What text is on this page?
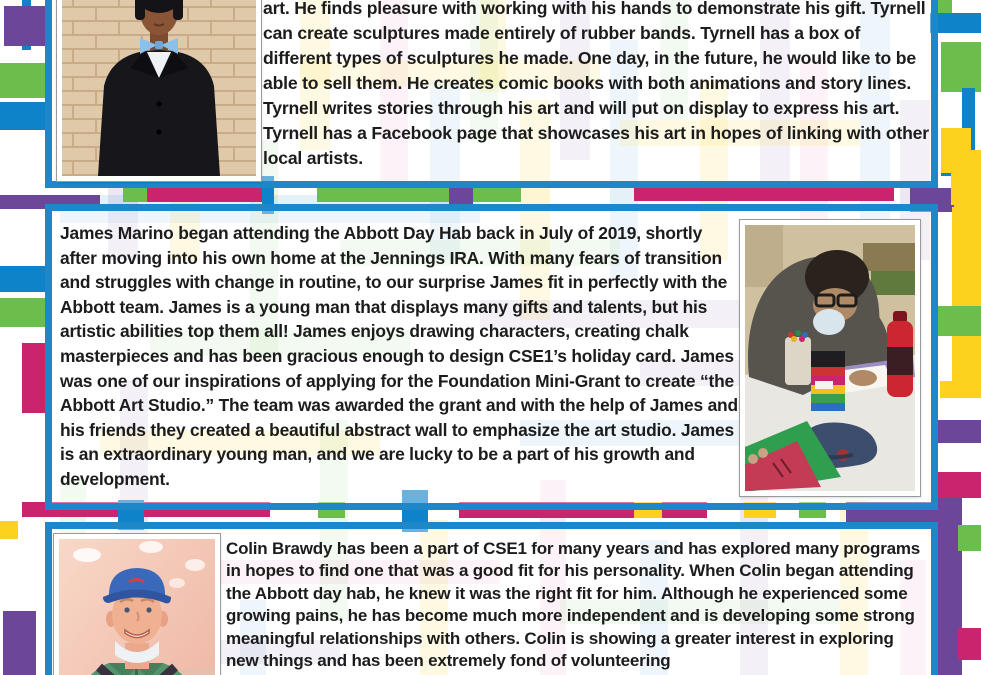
art. He finds pleasure with working with his hands to demonstrate his gift. Tyrnell can create sculptures made entirely of rubber bands. Tyrnell has a box of different types of sculptures he made. One day, in the future, he would like to be able to sell them. He creates comic books with both animations and story lines. Tyrnell writes stories through his art and will put on display to express his art. Tyrnell has a Facebook page that showcases his art in hopes of linking with other local artists.

James Marino began attending the Abbott Day Hab back in July of 2019, shortly after moving into his own home at the Jennings IRA. With many fears of transition and struggles with change in routine, to our surprise James fit in perfectly with the Abbott team. James is a young man that displays many gifts and talents, but his artistic abilities top them all! James enjoys drawing characters, creating chalk masterpieces and has been gracious enough to design CSE1’s holiday card. James was one of our inspirations of applying for the Foundation Mini-Grant to create “the Abbott Art Studio.” The team was awarded the grant and with the help of James and his friends they created a beautiful abstract wall to emphasize the art studio. James is an extraordinary young man, and we are lucky to be a part of his growth and development.

Colin Brawdy has been a part of CSE1 for many years and has explored many programs in hopes to find one that was a good fit for his personality. When Colin began attending the Abbott day hab, he knew it was the right fit for him. Although he experienced some growing pains, he has become much more independent and is developing some strong meaningful relationships with others. Colin is showing a greater interest in exploring new things and has been extremely fond of volunteering
